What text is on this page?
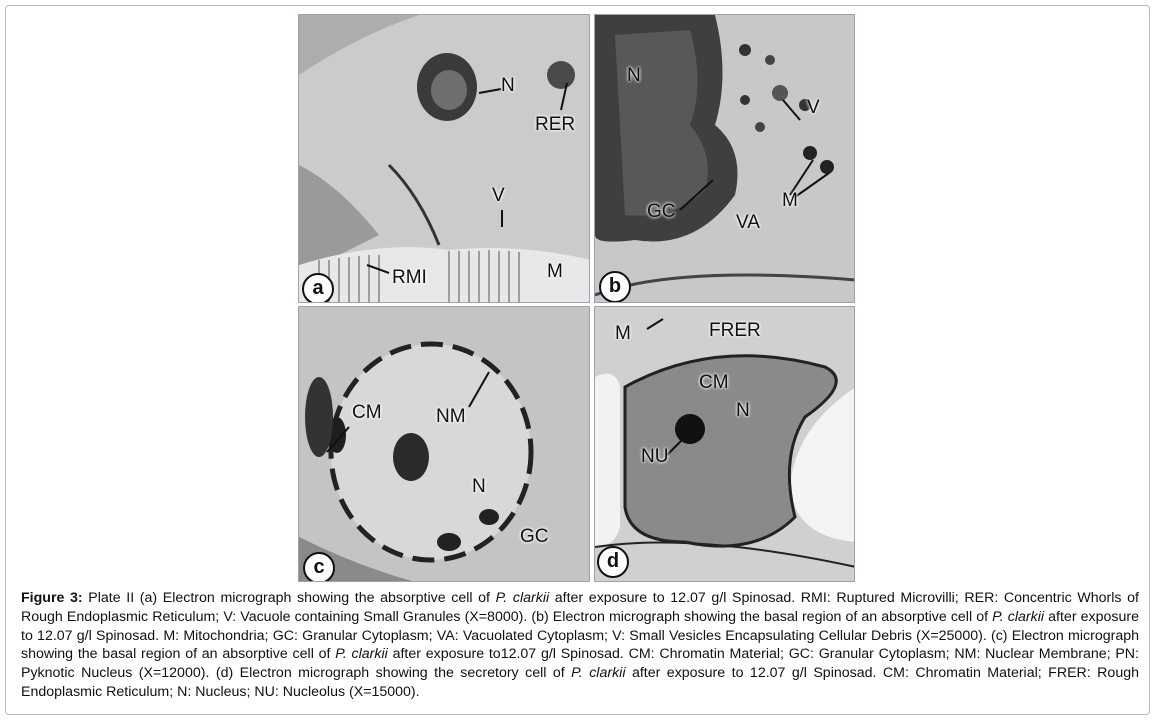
N
RER
V
RMI	M
a
N
V
GC
M
VA
b
CM	NM
N
GC
c
M	FRER
CM
N
NU
d
Figure 3: Plate II (a) Electron micrograph showing the absorptive cell of P. clarkii after exposure to 12.07 g/l Spinosad. RMI: Ruptured Microvilli; RER: Concentric Whorls of Rough Endoplasmic Reticulum; V: Vacuole containing Small Granules (X=8000). (b) Electron micrograph showing the basal region of an absorptive cell of P. clarkii after exposure to 12.07 g/l Spinosad. M: Mitochondria; GC: Granular Cytoplasm; VA: Vacuolated Cytoplasm; V: Small Vesicles Encapsulating Cellular Debris (X=25000). (c) Electron micrograph showing the basal region of an absorptive cell of P. clarkii after exposure to12.07 g/l Spinosad. CM: Chromatin Material; GC: Granular Cytoplasm; NM: Nuclear Membrane; PN: Pyknotic Nucleus (X=12000). (d) Electron micrograph showing the secretory cell of P. clarkii after exposure to 12.07 g/l Spinosad. CM: Chromatin Material; FRER: Rough Endoplasmic Reticulum; N: Nucleus; NU: Nucleolus (X=15000).
